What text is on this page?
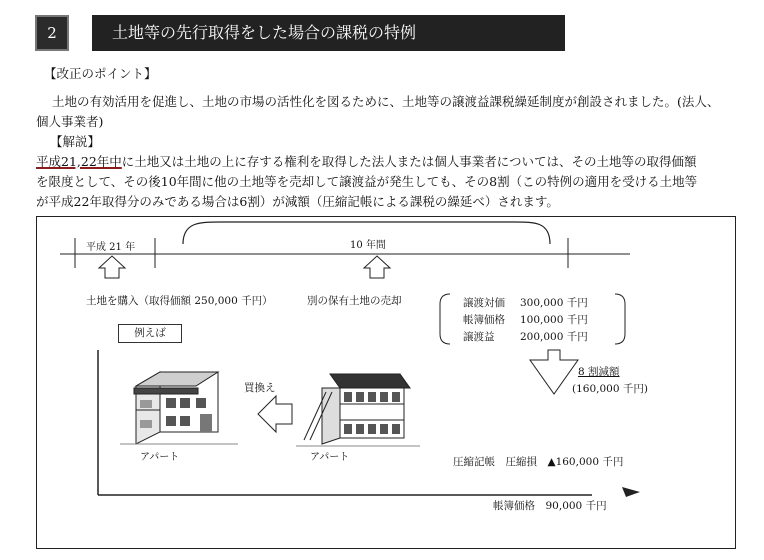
2	土地等の先行取得をした場合の課税の特例
【改正のポイント】
土地の有効活用を促進し、土地の市場の活性化を図るために、土地等の譲渡益課税繰延制度が創設されました。(法人、
個人事業者)
【解説】
平成21,22年中に土地又は土地の上に存する権利を取得した法人または個人事業者については、その土地等の取得価額
を限度として、その後10年間に他の土地等を売却して譲渡益が発生しても、その8割（この特例の適用を受ける土地等
が平成22年取得分のみである場合は6割）が減額（圧縮記帳による課税の繰延べ）されます。
平成 21 年	10 年間
土地を購入（取得価額 250,000 千円）	別の保有土地の売却
例えば
譲渡対価 300,000 千円
帳簿価格 100,000 千円
譲渡益 200,000 千円
8 割減額
(160,000 千円)
買換え
アパート	アパート	圧縮記帳　圧縮損　▲160,000 千円
帳簿価格　90,000 千円
